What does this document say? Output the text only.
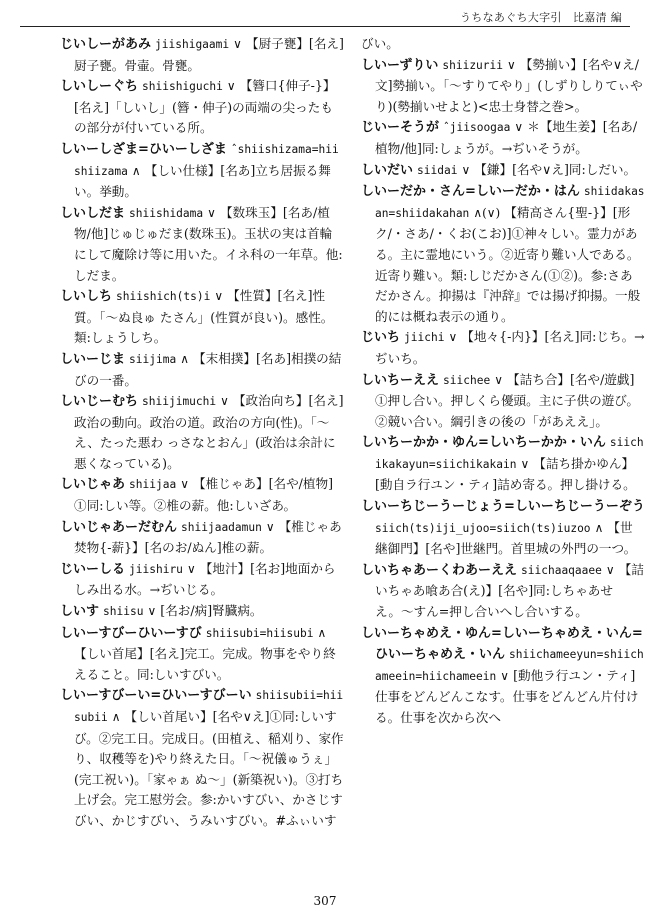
うちなあぐち大字引　比嘉清 編

じいしーがあみ jiishigaami ∨ 【厨子甕】[名え]厨子甕。骨壷。骨甕。

しいしーぐち shiishiguchi ∨ 【簪口{伸子-}】[名え]「しいし」(簪・伸子)の両端の尖ったもの部分が付いている所。

しいーしざま=ひいーしざま ˆshiishizama=hiishiizama ∧ 【しい仕様】[名あ]立ち居振る舞い。挙動。

しいしだま shiishidama ∨ 【数珠玉】[名あ/植物/他]じゅじゅだま(数珠玉)。玉状の実は首輪にして魔除け等に用いた。イネ科の一年草。他:しだま。

しいしち shiishich(ts)i ∨ 【性質】[名え]性質。「〜ぬ良ゅ たさん」(性質が良い)。感性。類:しょうしち。

しいーじま siijima ∧ 【末相撲】[名あ]相撲の結びの一番。

しいじーむち shiijimuchi ∨ 【政治向ち】[名え]政治の動向。政治の道。政治の方向(性)。「〜え、たった悪わ っさなとおん」(政治は余計に悪くなっている)。

しいじゃあ shiijaa ∨ 【椎じゃあ】[名や/植物]①同:しい等。②椎の薪。他:しいざあ。

しいじゃあーだむん shiijaadamun ∨ 【椎じゃあ焚物{-薪}】[名のお/ぬん]椎の薪。

じいーしる jiishiru ∨ 【地汁】[名お]地面からしみ出る水。→ぢいじる。

しいす shiisu ∨ [名お/病]腎臓病。

しいーすびーひいーすび shiisubi=hiisubi ∧ 【しい首尾】[名え]完工。完成。物事をやり終えること。同:しいすびい。

しいーすびーい=ひいーすびーい shiisubii=hiisubii ∧ 【しい首尾い】[名や∨え]①同:しいすび。②完工日。完成日。(田植え、稲刈り、家作り、収穫等を)やり終えた日。「〜祝儀ゅうぇ」(完工祝い)。「家ゃぁ ぬ〜」(新築祝い)。③打ち上げ会。完工慰労会。参:かいすびい、かさじすびい、かじすびい、うみいすびい。#ふぃいす

びい。

しいーずりい shiizurii ∨ 【勢揃い】[名や∨え/文]勢揃い。「〜すりてやり」(しずりしりてぃやり)(勢揃いせよと)<忠士身替之巻>。

じいーそうが ˆjiisoogaa ∨ ＊【地生姜】[名あ/植物/他]同:しょうが。→ぢいそうが。

しいだい siidai ∨ 【鎌】[名や∨え]同:しだい。

しいーだか・さん=しいーだか・はん shiidakasan=shiidakahan ∧(∨) 【精高さん{聖-}】[形ク/・さあ/・くお(こお)]①神々しい。霊力がある。主に霊地にいう。②近寄り難い人である。近寄り難い。類:しじだかさん(①②)。参:さあだかさん。抑揚は『沖辞』では揚げ抑揚。一般的には概ね表示の通り。

じいち jiichi ∨ 【地々{-内}】[名え]同:じち。→ぢいち。

しいちーええ siichee ∨ 【詰ち合】[名や/遊戯]①押し合い。押しくら優頭。主に子供の遊び。②競い合い。綱引きの後の「があええ」。

しいちーかか・ゆん=しいちーかか・いん siichikakayun=siichikakain ∨ 【詰ち掛かゆん】[動自ラ行ユン・ティ]詰め寄る。押し掛ける。

しいーちじーうーじょう=しいーちじーうーぞう siich(ts)iji_ujoo=siich(ts)iuzoo ∧ 【世継御門】[名や]世継門。首里城の外門の一つ。

しいちゃあーくわあーええ siichaaqaaee ∨ 【詰いちゃあ喰あ合(え)】[名や]同:しちゃあせえ。〜すん=押し合いへし合いする。

しいーちゃめえ・ゆん=しいーちゃめえ・いん=ひいーちゃめえ・いん shiichameeyun=shiichameein=hiichameein ∨ [動他ラ行ユン・ティ]仕事をどんどんこなす。仕事をどんどん片付ける。仕事を次から次へ

307
